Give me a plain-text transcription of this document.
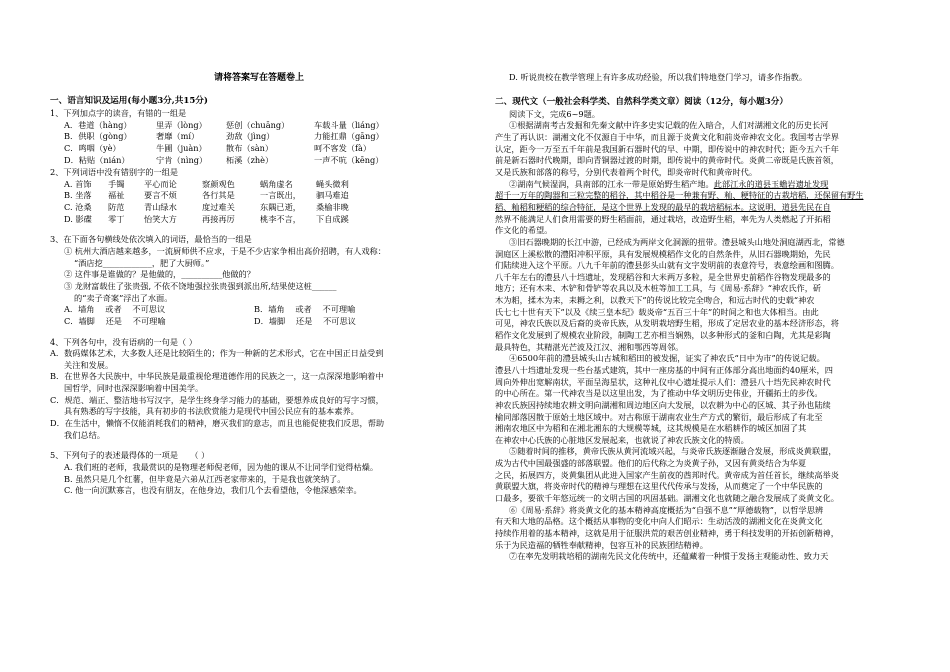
请将答案写在答题卷上
一、语言知识及运用(每小题3分,共15分)
1、下列加点字的读音，有错的一组是
A．巷道（hàng）	里弄（lòng）	惩创（chuāng）	车载斗量（liáng）
B．供职（gòng）	奢靡（mí）	劲敌（jìng）	力能扛鼎（gāng）
C．鸣咽（yè）	牛圃（juàn）	散布（sàn）	呵不客发（fà）
D．粘贴（nián）	宁肯（nìng）	柘溪（zhè）	一声不吭（kēng）
2、下列词语中没有错别字的一组是
A. 首饰	手镯	平心而论	察颜观色	蜗角虚名	蝇头微利
B. 坐落	福祉	要言不烦	各行其是	一言既出，	驷马难追
C. 沧桑	防范	青山绿水	度过难关	东隅已逝，	桑榆非晚
D. 影碟	零丁	怡笑大方	再接再厉	桃李不言，	下自成蹊
3、在下面各句横线处依次填入的词语，最恰当的一组是
① 杭州大酒店越来越多，一流厨师供不应求，于是不少店家争相出高价招聘，有人戏称：
“酒店挖____________，肥了大厨师。”
② 这件事是谁做的？是他做的，__________他做的？
③ 龙财富载住了张贵强, 不依不饶地强拉张贵强到派出所,结果使这桩______
的“卖子奇案”浮出了水面。
A．墙角　 或者　 不可思议	B．墙角　 或者　 不可理喻
C．墙脚　 还是　 不可理喻	D．墙脚　 还是　 不可思议
4、下列各句中，没有语病的一句是（ ）
A．数码媒体艺术，大多数人还是比较陌生的；作为一种新的艺术形式，它在中国正日益受到
关注和发展。
B．在世界各大民族中，中华民族是最重视伦理道德作用的民族之一，这一点深深地影响着中
国哲学，同时也深深影响着中国美学。
C．规范、端正、整洁地书写汉字，是学生终身学习能力的基础，要想养成良好的写字习惯，
具有熟悉的写字技能，具有初步的书法欣赏能力是现代中国公民应有的基本素养。
D．在生活中，懒惰不仅能消耗我们的精神，磨灭我们的意志，而且也能促使我们反思，帮助
我们总结。
5、下列句子的表述最得体的一项是　　（ ）
A. 我们班的老师，我最赏识的是物理老师倪老师，因为他的课从不让同学们觉得枯燥。
B. 虽然只是几个红薯，但毕竟是六弟从江西老家带来的，于是我也就笑纳了。
C. 他一向沉默寡言，也没有朋友，在他身边，我们几个去看望他，令他深感荣幸。
D. 听说贵校在教学管理上有许多成功经验，所以我们特地登门学习，请多作指教。
二、现代文（一般社会科学类、自然科学类文章）阅读（12分，每小题3分）
阅读下文，完成6~9题。
①根据湖南考古发掘和先秦文献中许多史实记载的佐入暗合，人们对湖湘文化的历史长河
产生了再认识：湖湘文化不仅源自于中华，而且源于炎黄文化和前炎帝神农文化。我国考古学界
认定，距今一万至五千年前是我国新石器时代的早、中期，即传说中的神农时代；距今五六千年
前是新石器时代晚期，即向青铜器过渡的时期，即传说中的黄帝时代。炎黄二帝既是氏族首领，
又是氏族和部落的称号，分别代表着两个时代，即炎帝时代和黄帝时代。
②湖南气候湿润，具南部的江永一带是原始野生稻产地。此部江永的道县玉蟾岩遗址发现
超千一万年的陶器和三粒完整的稻谷，其中稻谷是一种兼有野、籼、粳特征的古栽培稻，还保留有野生
稻、籼稻和粳稻的综合特征，是这个世界上发现的最早的栽培稻标本。这说明，道县先民在自
然界不能满足人们食用需要的野生稻面前，通过栽培，改造野生稻，率先为人类燃起了开拓稻
作文化的希望。
③旧石器晚期的长江中游，已经成为两岸文化洞源的扭带。澧县城头山地处洞庭湖西北，常德
洞庭区上溪松散的澧阳冲积平原，具有发展规模稻作文化的自然条件，从旧石器晚期始，先民
们陆续进入这个平原。八九千年前的澧县彭头山就有文字发明前的表意符号，表意绘画和图腾。
八千年左右的澧县八十垱遗址，发现稻谷和大米两万多粒，是全世界史前稻作谷物发现最多的
地方；还有木耒、木铲和骨铲等农具以及木桩等加工工具，与《周易·系辞》“神农氏作，斫
木为耜，揉木为耒，耒耨之利，以教天下”的传说比较完全吻合，和远古时代的史载“神农
氏七七十世有天下”以及《续三皇本纪》载炎帝“五百三十年”的时间之和也大体相当。由此
可见，神农氏族以及后裔的炎帝氏族，从发明栽培野生稻，形成了定居农业的基本经济形态，将
稻作文化发展到了规模农业阶段，制陶工艺亦相当娴熟，以多种形式的釜和白陶，尤其是彩陶
最具特色，其精湛光芒波及江汉、湘和鄂西等周邻。
④6500年前的澧县城头山古城和稻田的被发掘，证实了神农氏“日中为市”的传说记载。
澧县八十垱遗址发现一些台基式建筑，其中一座房基的中间有正体部分高出地面约40厘米，四
周向外伸出宽解南状，平面呈海星状，这种礼仪中心遗址提示人们：澧县八十垱先民神农时代
的中心所在。第一代神农当是以这里出发，为了推动中华文明历史伟业，开疆拓土的步伐。
神农氏族因持续地农耕文明向湖湘和周边地区向大发展，以农耕为中心的区城、其子孙也陆续
榆同部落因散于原始土地区域中。对古称原于湖南农业生产方式的繁衍，最后形成了有北至
湘南农地区中为稻和在湘北湘东的大规模等城，这其规模是在水稻耕作的城区加固了其
在神农中心氏族的心脏地区发展起来，也就说了神农氏族文化的特质。
⑤随着时间的推移，黄帝氏族从黄河流域兴起，与炎帝氏族逐渐融合发展，形成炎黄联盟，
成为古代中国最强盛的部落联盟。他们的后代称之为炎黄子孙，又因有黄炎结合为华夏
之民，拓展四方，炎黄集团从此进入国家产生前夜的酋邦时代。黄帝成为首任首长，继续高举炎
黄联盟大旗，将炎帝时代的精神与理想在这里代代传承与发扬，从而奠定了一个中华民族的
口最多，要欲千年悠远统一的文明古国的巩固基础。湖湘文化也就随之融合发展成了炎黄文化。
⑥《周易·系辞》将炎黄文化的基本精神高度概括为“自强不息”“厚德载物”，以哲学思辨
有天和大地的品格。这个概括从事物的变化中向人们昭示：生动活泼的湖湘文化在炎黄文化
持续作用着的基本精神，这就是用于征服洪荒的艰苦创业精神，勇于科技发明的开拓创新精神，
乐于为民造福的牺牲奉献精神，包容互补的民族团结精神。
⑦在率先发明栽培稻的湖南先民文化传统中，还蕴藏着一种惯于发扬主观能动性、致力天
